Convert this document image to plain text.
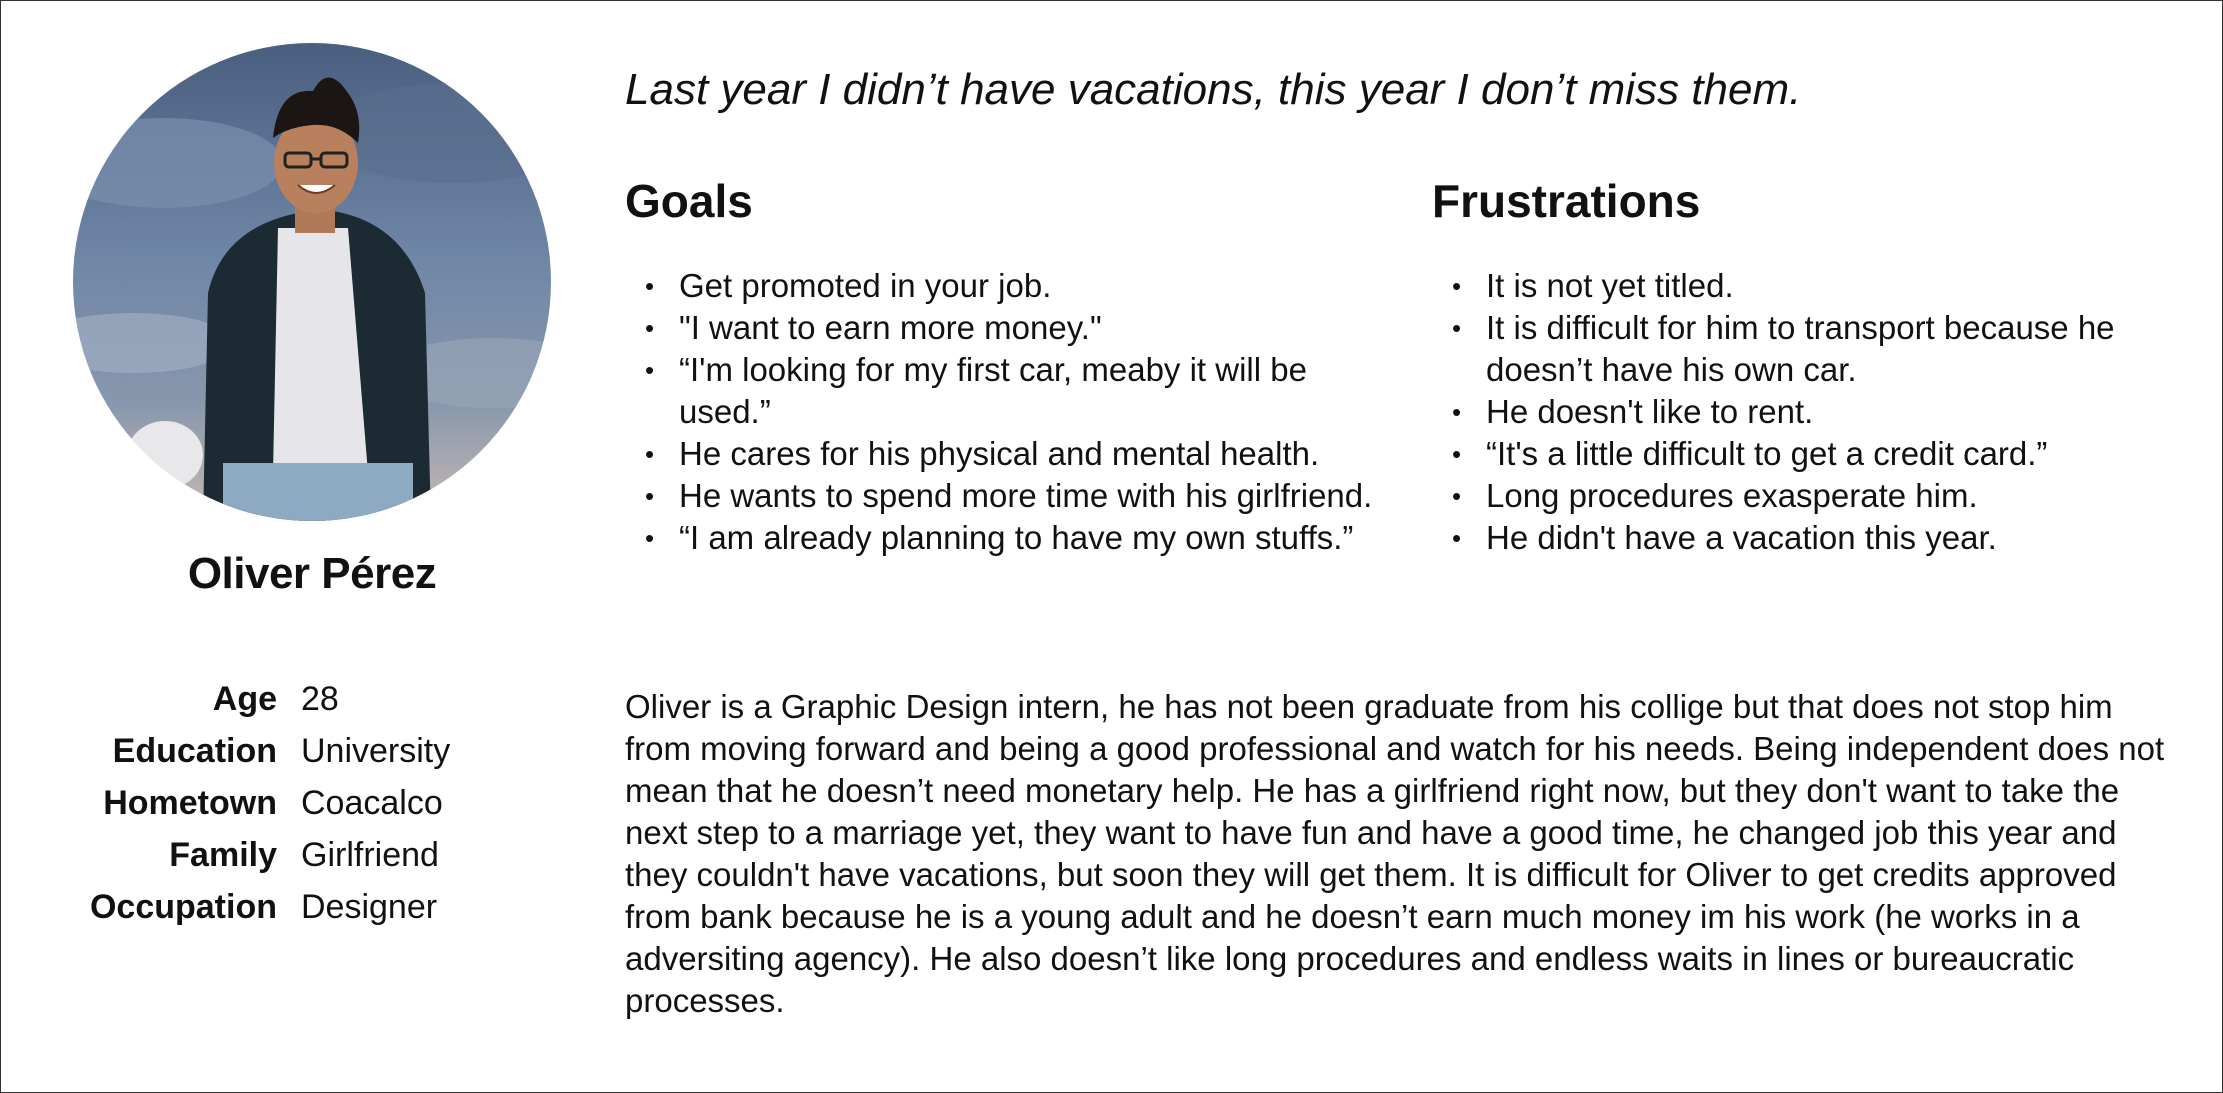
Oliver Pérez
Age 28
Education University
Hometown Coacalco
Family Girlfriend
Occupation Designer
Last year I didn’t have vacations, this year I don’t miss them.
Goals
• Get promoted in your job.
• "I want to earn more money."
• “I'm looking for my first car, meaby it will be used.”
• He cares for his physical and mental health.
• He wants to spend more time with his girlfriend.
• “I am already planning to have my own stuffs.”
Frustrations
• It is not yet titled.
• It is difficult for him to transport because he doesn’t have his own car.
• He doesn't like to rent.
• “It's a little difficult to get a credit card.”
• Long procedures exasperate him.
• He didn't have a vacation this year.
Oliver is a Graphic Design intern, he has not been graduate from his collige but that does not stop him from moving forward and being a good professional and watch for his needs. Being independent does not mean that he doesn’t need monetary help. He has a girlfriend right now, but they don't want to take the next step to a marriage yet, they want to have fun and have a good time, he changed job this year and they couldn't have vacations, but soon they will get them. It is difficult for Oliver to get credits approved from bank because he is a young adult and he doesn’t earn much money im his work (he works in a adversiting agency). He also doesn’t like long procedures and endless waits in lines or bureaucratic processes.
